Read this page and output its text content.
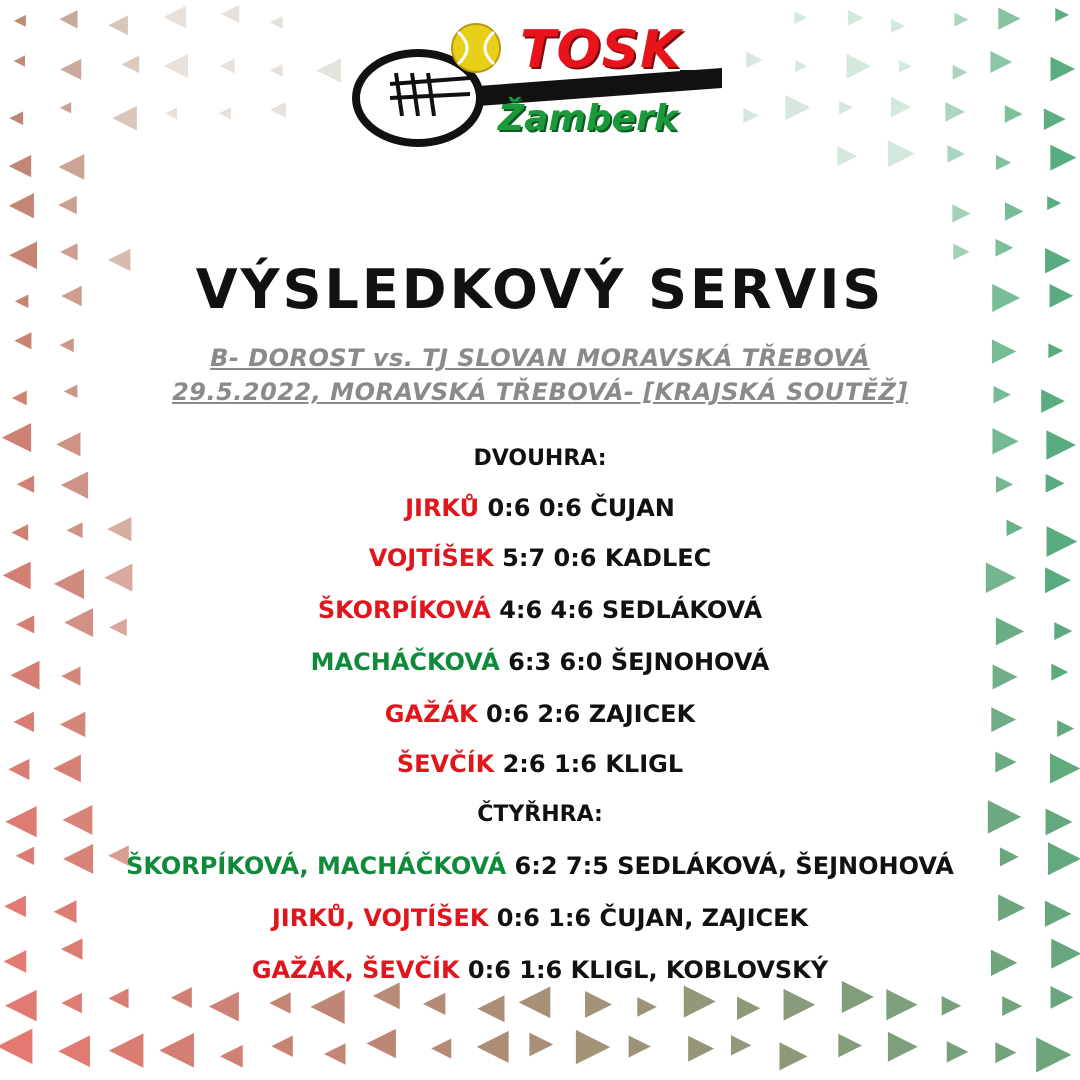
TOSK
Žamberk
VÝSLEDKOVÝ SERVIS
B- DOROST vs. TJ SLOVAN MORAVSKÁ TŘEBOVÁ
29.5.2022, MORAVSKÁ TŘEBOVÁ- [KRAJSKÁ SOUTĚŽ]
DVOUHRA:
JIRKŮ 0:6 0:6 ČUJAN
VOJTÍŠEK 5:7 0:6 KADLEC
ŠKORPÍKOVÁ 4:6 4:6 SEDLÁKOVÁ
MACHÁČKOVÁ 6:3 6:0 ŠEJNOHOVÁ
GAŽÁK 0:6 2:6 ZAJICEK
ŠEVČÍK 2:6 1:6 KLIGL
ČTYŘHRA:
ŠKORPÍKOVÁ, MACHÁČKOVÁ 6:2 7:5 SEDLÁKOVÁ, ŠEJNOHOVÁ
JIRKŮ, VOJTÍŠEK 0:6 1:6 ČUJAN, ZAJICEK
GAŽÁK, ŠEVČÍK 0:6 1:6 KLIGL, KOBLOVSKÝ
